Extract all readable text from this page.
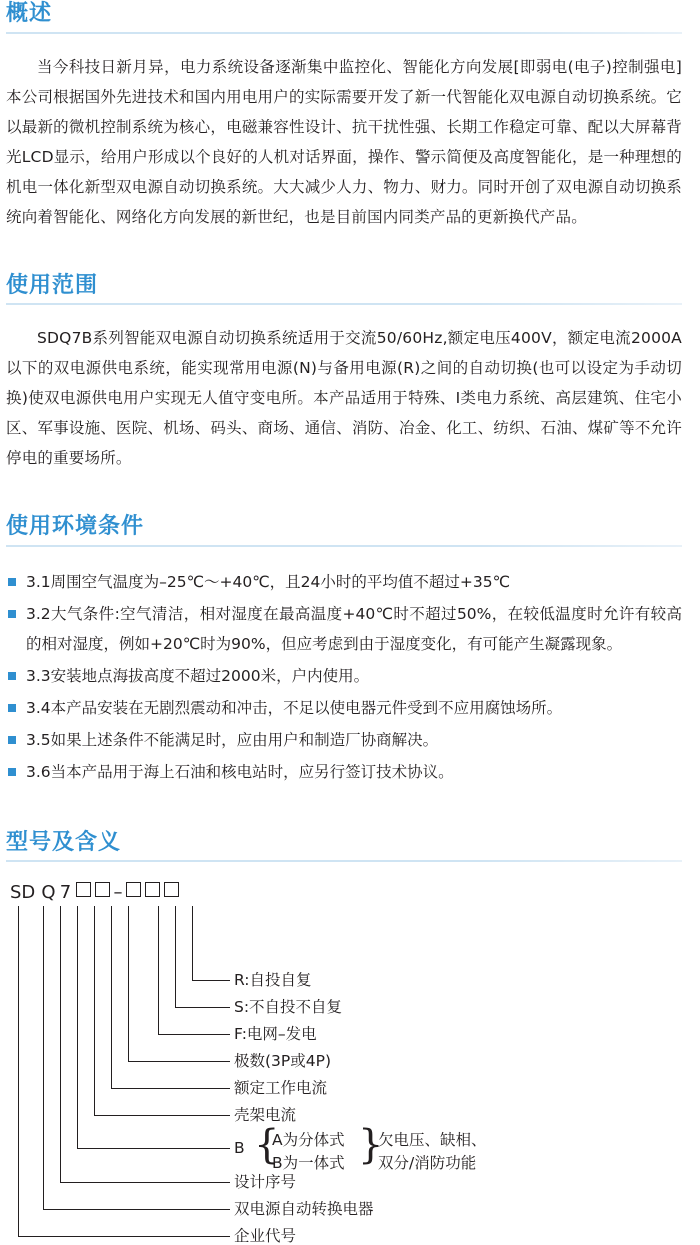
概述

当今科技日新月异，电力系统设备逐渐集中监控化、智能化方向发展[即弱电(电子)控制强电]本公司根据国外先进技术和国内用电用户的实际需要开发了新一代智能化双电源自动切换系统。它以最新的微机控制系统为核心，电磁兼容性设计、抗干扰性强、长期工作稳定可靠、配以大屏幕背光LCD显示，给用户形成以个良好的人机对话界面，操作、警示简便及高度智能化，是一种理想的机电一体化新型双电源自动切换系统。大大减少人力、物力、财力。同时开创了双电源自动切换系统向着智能化、网络化方向发展的新世纪，也是目前国内同类产品的更新换代产品。

使用范围

SDQ7B系列智能双电源自动切换系统适用于交流50/60Hz,额定电压400V，额定电流2000A以下的双电源供电系统，能实现常用电源(N)与备用电源(R)之间的自动切换(也可以设定为手动切换)使双电源供电用户实现无人值守变电所。本产品适用于特殊、I类电力系统、高层建筑、住宅小区、军事设施、医院、机场、码头、商场、通信、消防、冶金、化工、纺织、石油、煤矿等不允许停电的重要场所。

使用环境条件
3.1周围空气温度为–25℃～+40℃，且24小时的平均值不超过+35℃
3.2大气条件:空气清洁，相对湿度在最高温度+40℃时不超过50%，在较低温度时允许有较高的相对湿度，例如+20℃时为90%，但应考虑到由于湿度变化，有可能产生凝露现象。
3.3安装地点海拔高度不超过2000米，户内使用。
3.4本产品安装在无剧烈震动和冲击，不足以使电器元件受到不应用腐蚀场所。
3.5如果上述条件不能满足时，应由用户和制造厂协商解决。
3.6当本产品用于海上石油和核电站时，应另行签订技术协议。
型号及含义
SD Q 7 –
R:自投自复
S:不自投不自复
F:电网–发电
极数(3P或4P)
额定工作电流
壳架电流
B {
A为分体式
B为一体式 }
欠电压、缺相、
双分/消防功能
设计序号
双电源自动转换电器
企业代号
